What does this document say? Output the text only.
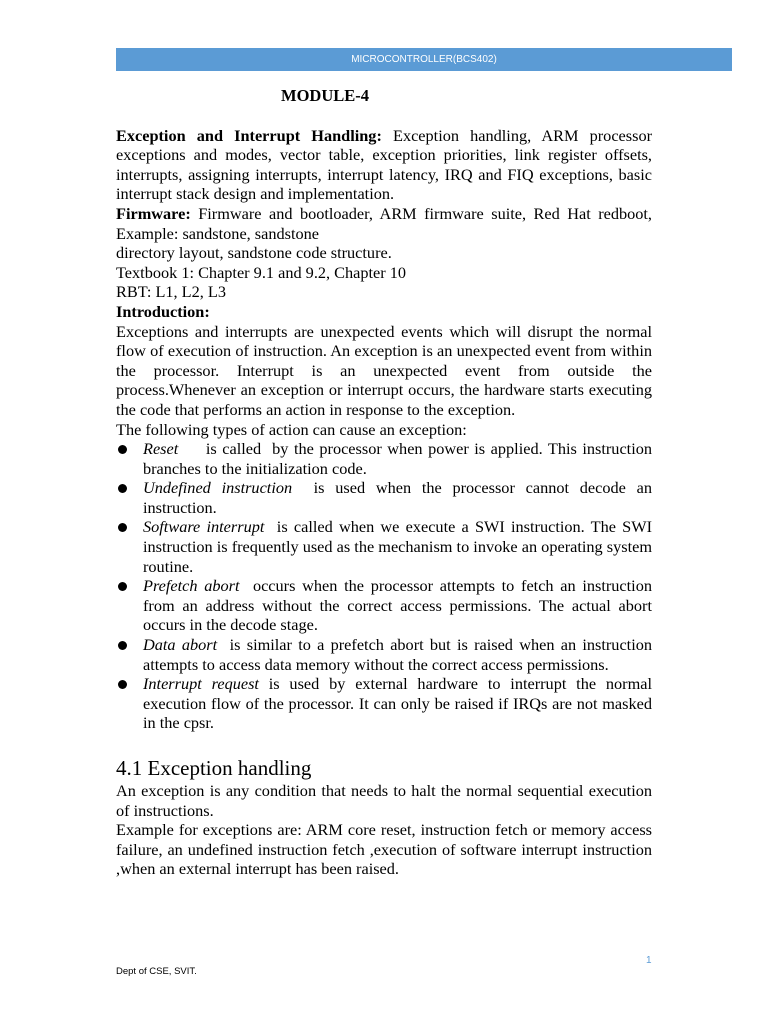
MICROCONTROLLER(BCS402)
MODULE-4

Exception and Interrupt Handling: Exception handling, ARM processor exceptions and modes, vector table, exception priorities, link register offsets, interrupts, assigning interrupts, interrupt latency, IRQ and FIQ exceptions, basic interrupt stack design and implementation.

Firmware: Firmware and bootloader, ARM firmware suite, Red Hat redboot, Example: sandstone, sandstone

directory layout, sandstone code structure.

Textbook 1: Chapter 9.1 and 9.2, Chapter 10

RBT: L1, L2, L3

Introduction:

Exceptions and interrupts are unexpected events which will disrupt the normal flow of execution of instruction. An exception is an unexpected event from within the processor. Interrupt is an unexpected event from outside the process.Whenever an exception or interrupt occurs, the hardware starts executing the code that performs an action in response to the exception.

The following types of action can cause an exception:

Reset     is called  by the processor when power is applied. This instruction branches to the initialization code.
Undefined instruction  is used when the processor cannot decode an instruction.
Software interrupt  is called when we execute a SWI instruction. The SWI instruction is frequently used as the mechanism to invoke an operating system routine.
Prefetch abort  occurs when the processor attempts to fetch an instruction from an address without the correct access permissions. The actual abort occurs in the decode stage.
Data abort  is similar to a prefetch abort but is raised when an instruction attempts to access data memory without the correct access permissions.
Interrupt request is used by external hardware to interrupt the normal execution flow of the processor. It can only be raised if IRQs are not masked in the cpsr.
4.1 Exception handling

An exception is any condition that needs to halt the normal sequential execution of instructions.

Example for exceptions are: ARM core reset, instruction fetch or memory access failure, an undefined instruction fetch ,execution of software interrupt instruction ,when an external interrupt has been raised.

1
Dept of CSE, SVIT.
